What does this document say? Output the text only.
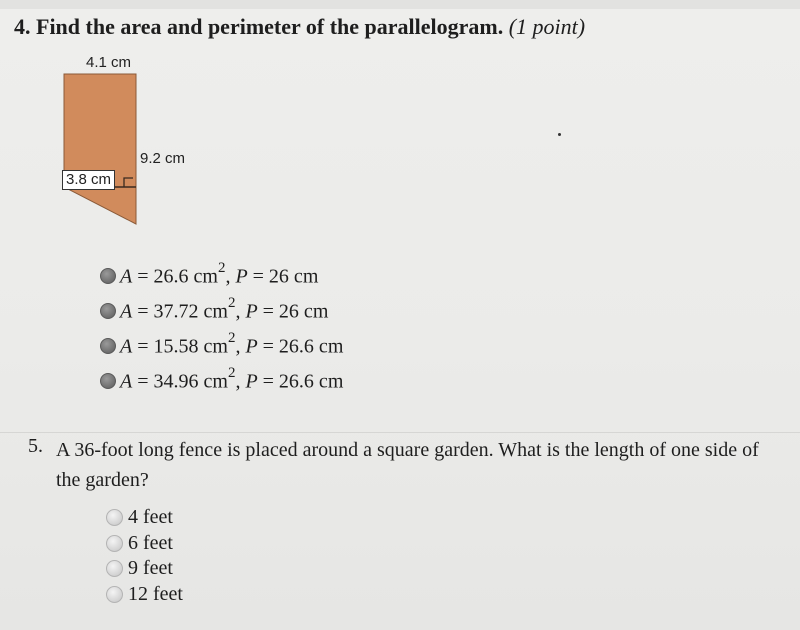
4. Find the area and perimeter of the parallelogram. (1 point)
4.1 cm
9.2 cm
3.8 cm
A = 26.6 $cm^2$, P = 26 cm
A = 37.72 $cm^2$, P = 26 cm
A = 15.58 $cm^2$, P = 26.6 cm
A = 34.96 $cm^2$, P = 26.6 cm
5. A 36-foot long fence is placed around a square garden. What is the length of one side of the garden?
4 feet
6 feet
9 feet
12 feet
